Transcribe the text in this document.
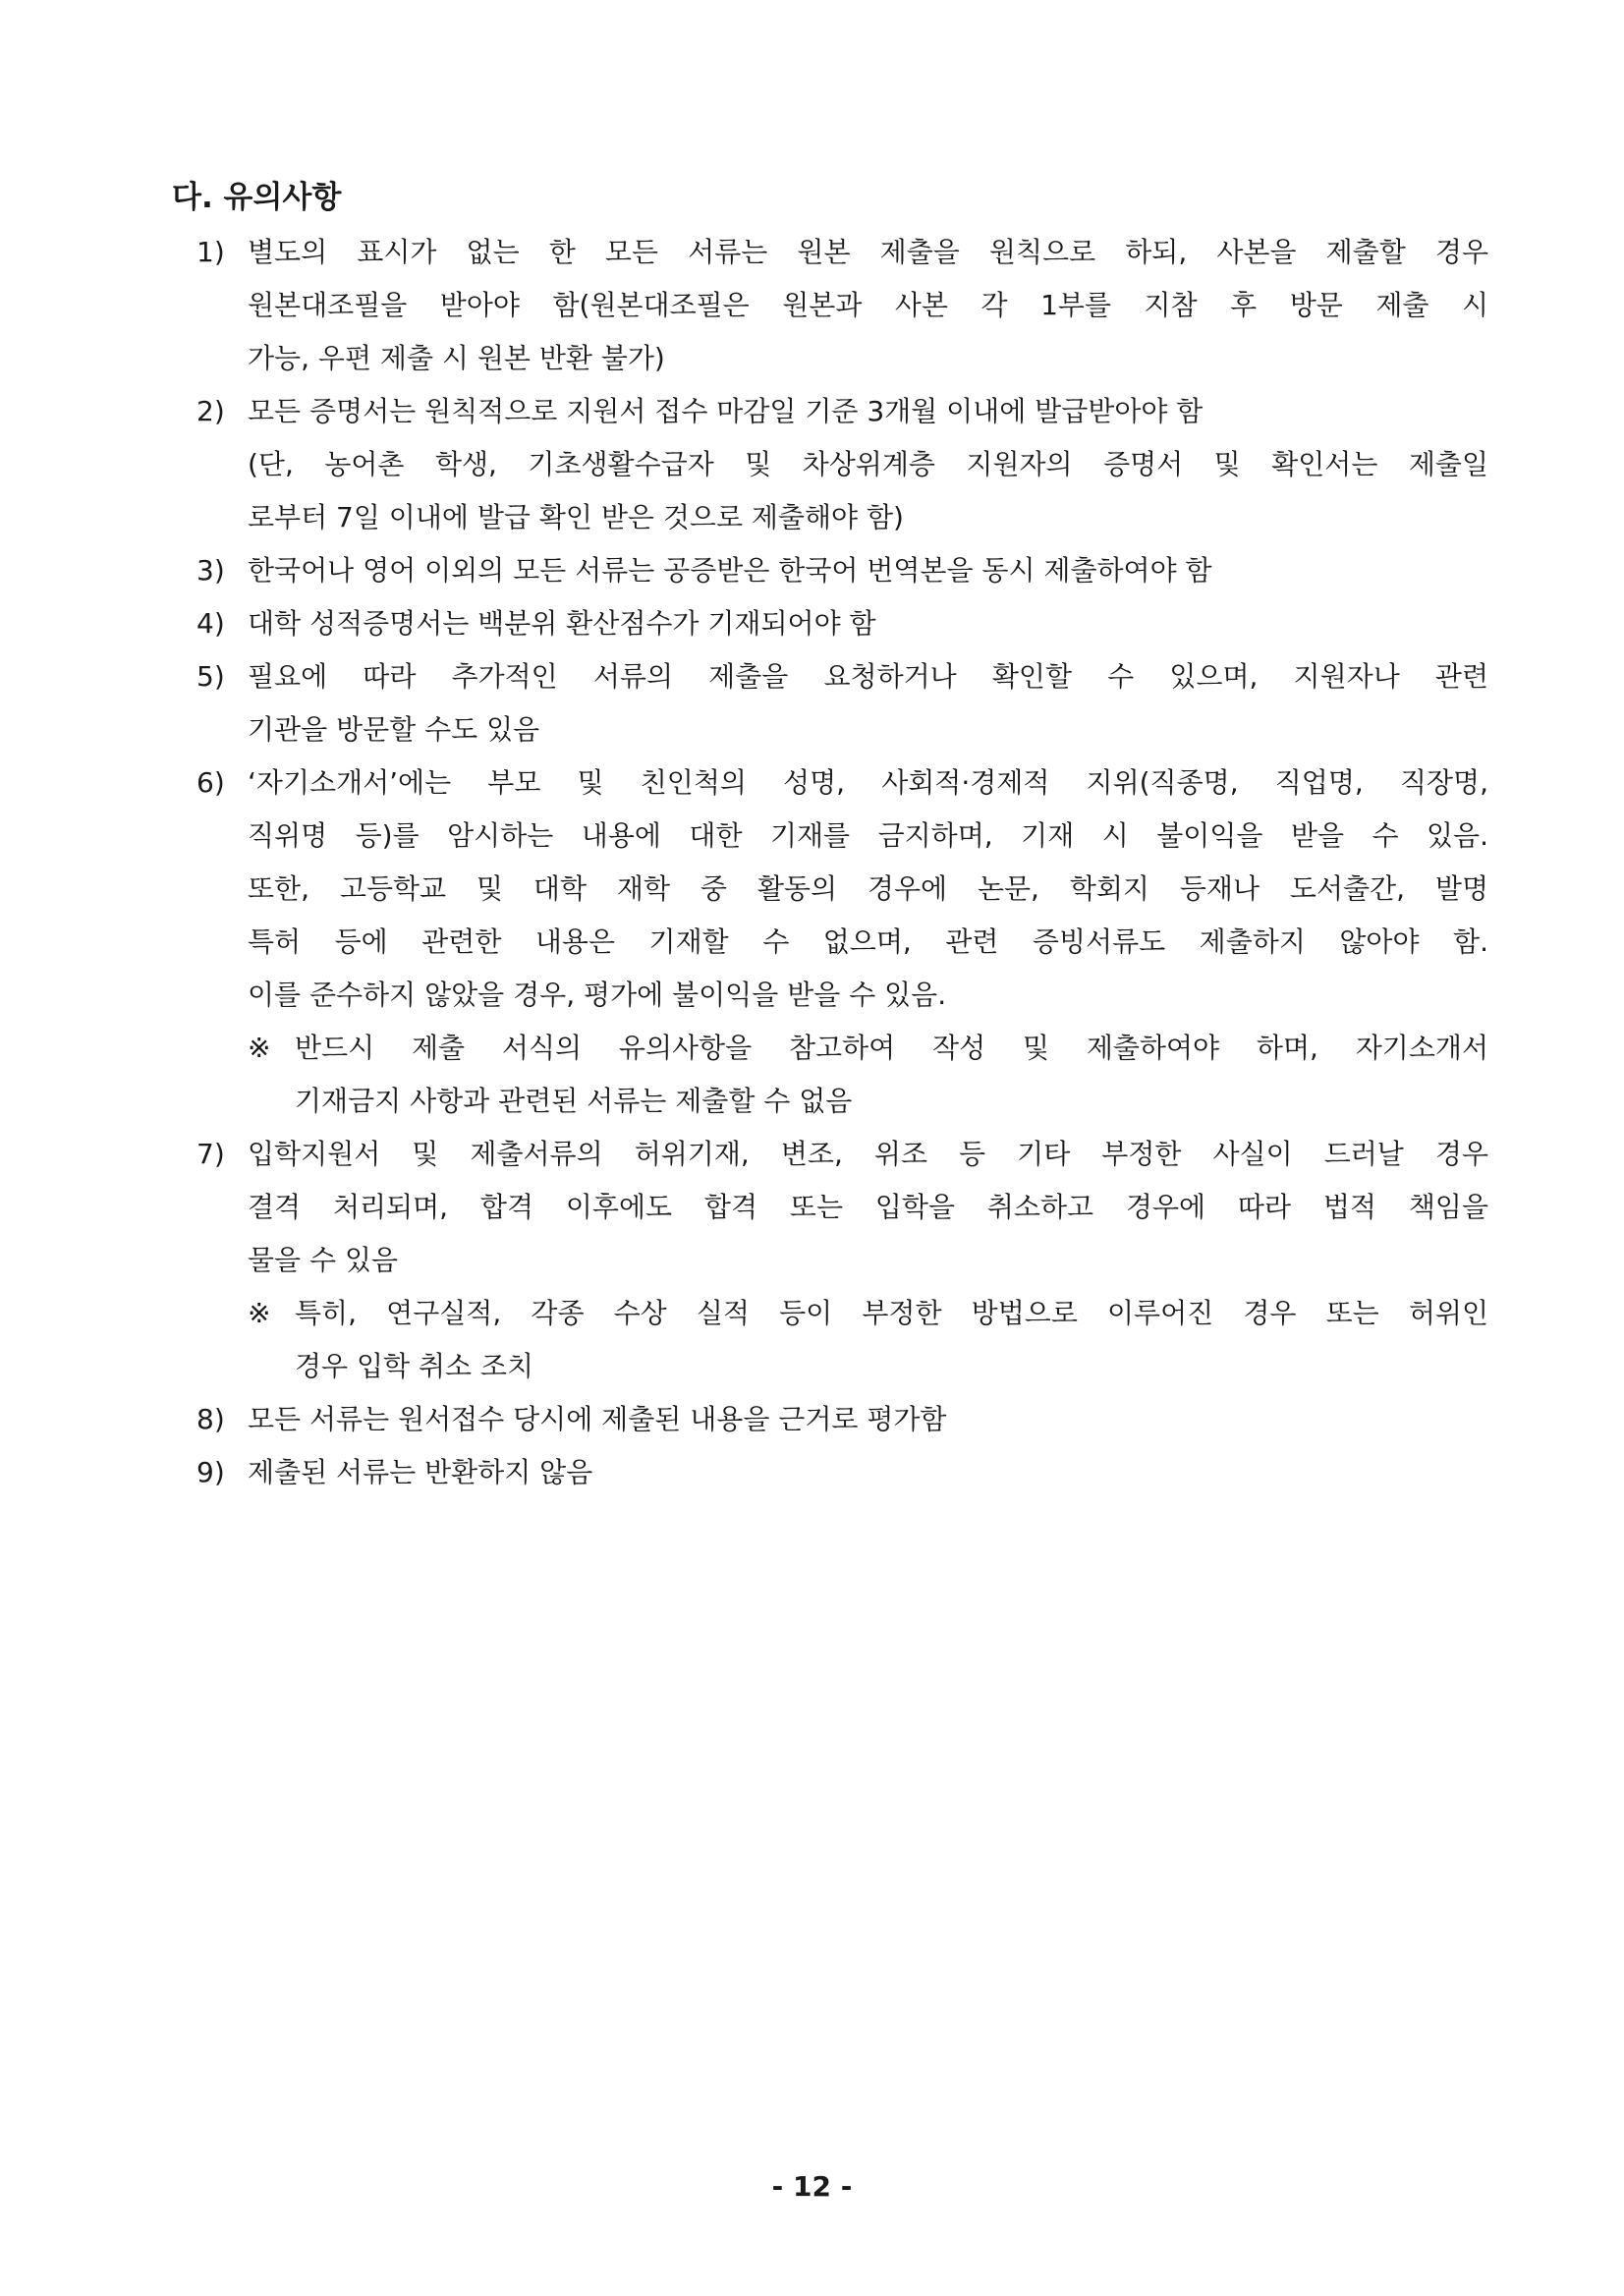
다. 유의사항
1) 별도의 표시가 없는 한 모든 서류는 원본 제출을 원칙으로 하되, 사본을 제출할 경우
원본대조필을 받아야 함(원본대조필은 원본과 사본 각 1부를 지참 후 방문 제출 시
가능, 우편 제출 시 원본 반환 불가)
2) 모든 증명서는 원칙적으로 지원서 접수 마감일 기준 3개월 이내에 발급받아야 함
(단, 농어촌 학생, 기초생활수급자 및 차상위계층 지원자의 증명서 및 확인서는 제출일
로부터 7일 이내에 발급 확인 받은 것으로 제출해야 함)
3) 한국어나 영어 이외의 모든 서류는 공증받은 한국어 번역본을 동시 제출하여야 함
4) 대학 성적증명서는 백분위 환산점수가 기재되어야 함
5) 필요에 따라 추가적인 서류의 제출을 요청하거나 확인할 수 있으며, 지원자나 관련
기관을 방문할 수도 있음
6) ‘자기소개서’에는 부모 및 친인척의 성명, 사회적·경제적 지위(직종명, 직업명, 직장명,
직위명 등)를 암시하는 내용에 대한 기재를 금지하며, 기재 시 불이익을 받을 수 있음.
또한, 고등학교 및 대학 재학 중 활동의 경우에 논문, 학회지 등재나 도서출간, 발명
특허 등에 관련한 내용은 기재할 수 없으며, 관련 증빙서류도 제출하지 않아야 함.
이를 준수하지 않았을 경우, 평가에 불이익을 받을 수 있음.
※ 반드시 제출 서식의 유의사항을 참고하여 작성 및 제출하여야 하며, 자기소개서
기재금지 사항과 관련된 서류는 제출할 수 없음
7) 입학지원서 및 제출서류의 허위기재, 변조, 위조 등 기타 부정한 사실이 드러날 경우
결격 처리되며, 합격 이후에도 합격 또는 입학을 취소하고 경우에 따라 법적 책임을
물을 수 있음
※ 특히, 연구실적, 각종 수상 실적 등이 부정한 방법으로 이루어진 경우 또는 허위인
경우 입학 취소 조치
8) 모든 서류는 원서접수 당시에 제출된 내용을 근거로 평가함
9) 제출된 서류는 반환하지 않음
- 12 -
